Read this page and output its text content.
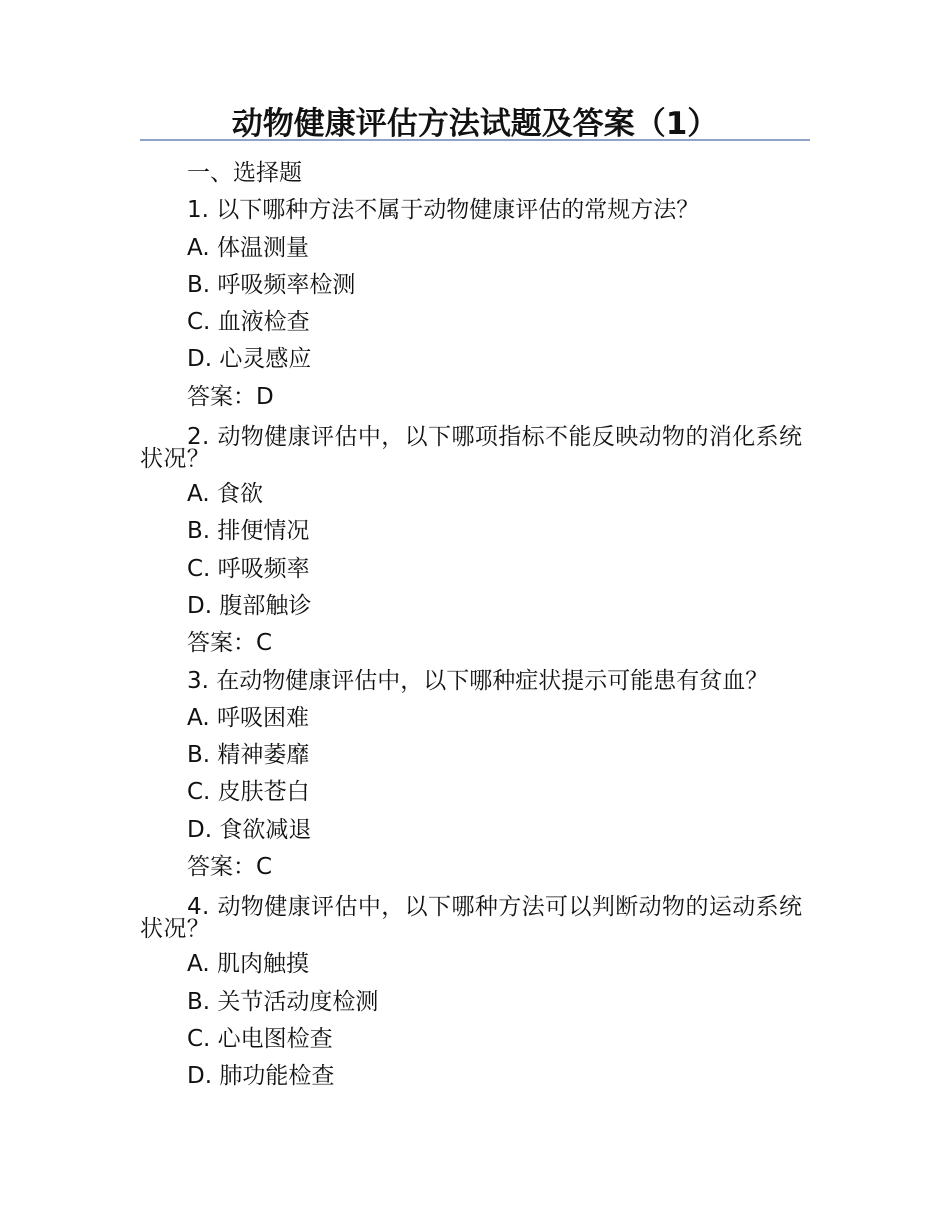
动物健康评估方法试题及答案（1）
一、选择题
1. 以下哪种方法不属于动物健康评估的常规方法？
A. 体温测量
B. 呼吸频率检测
C. 血液检查
D. 心灵感应
答案：D
2. 动物健康评估中，以下哪项指标不能反映动物的消化系统状况？
A. 食欲
B. 排便情况
C. 呼吸频率
D. 腹部触诊
答案：C
3. 在动物健康评估中，以下哪种症状提示可能患有贫血？
A. 呼吸困难
B. 精神萎靡
C. 皮肤苍白
D. 食欲减退
答案：C
4. 动物健康评估中，以下哪种方法可以判断动物的运动系统状况？
A. 肌肉触摸
B. 关节活动度检测
C. 心电图检查
D. 肺功能检查
